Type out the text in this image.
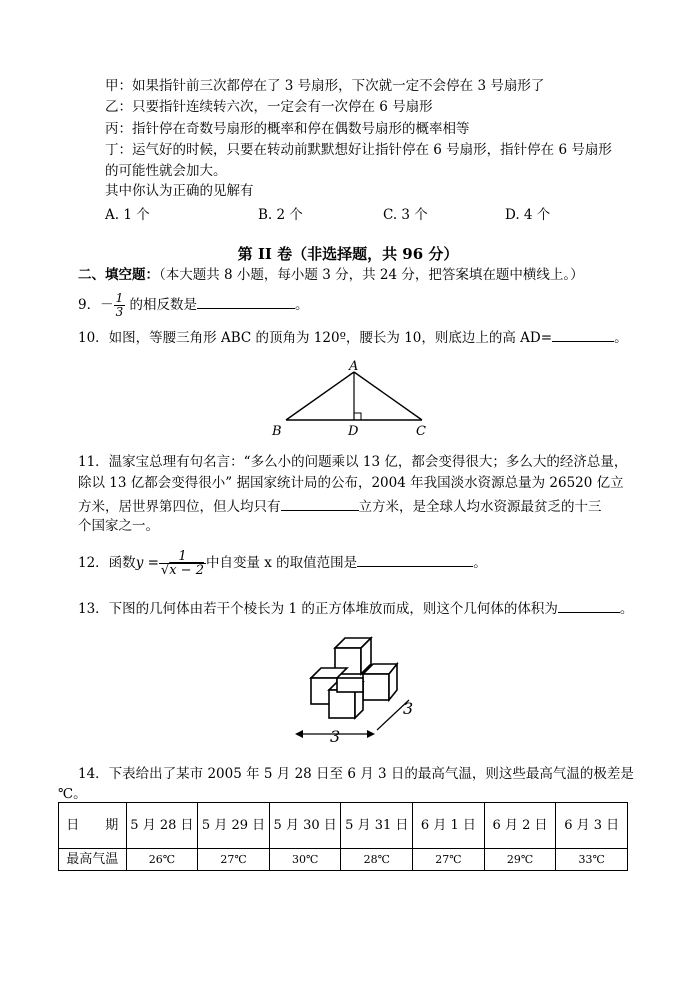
甲：如果指针前三次都停在了 3 号扇形，下次就一定不会停在 3 号扇形了
乙：只要指针连续转六次，一定会有一次停在 6 号扇形
丙：指针停在奇数号扇形的概率和停在偶数号扇形的概率相等
丁：运气好的时候，只要在转动前默默想好让指针停在 6 号扇形，指针停在 6 号扇形
的可能性就会加大。
其中你认为正确的见解有
A. 1 个	B. 2 个	C. 3 个	D. 4 个
第 II 卷（非选择题，共 96 分）
二、填空题：（本大题共 8 小题，每小题 3 分，共 24 分，把答案填在题中横线上。）
9．－ $\frac{1}{3}$ 的相反数是	。
10．如图，等腰三角形 ABC 的顶角为 120º，腰长为 10，则底边上的高 AD=	。
A
B	D	C
11．温家宝总理有句名言：“多么小的问题乘以 13 亿，都会变得很大；多么大的经济总量，
除以 13 亿都会变得很小” 据国家统计局的公布，2004 年我国淡水资源总量为 26520 亿立
方米，居世界第四位，但人均只有	立方米，是全球人均水资源最贫乏的十三
个国家之一。
12．函数$y = \frac{1}{√x - 2}$ 中自变量 x 的取值范围是	。
13．下图的几何体由若干个棱长为 1 的正方体堆放而成，则这个几何体的体积为	。
3
3
14．下表给出了某市 2005 年 5 月 28 日至 6 月 3 日的最高气温，则这些最高气温的极差是
℃。
日　　期	5 月 28 日	5 月 29 日	5 月 30 日	5 月 31 日	6 月 1 日	6 月 2 日	6 月 3 日
最高气温	26℃	27℃	30℃	28℃	27℃	29℃	33℃
